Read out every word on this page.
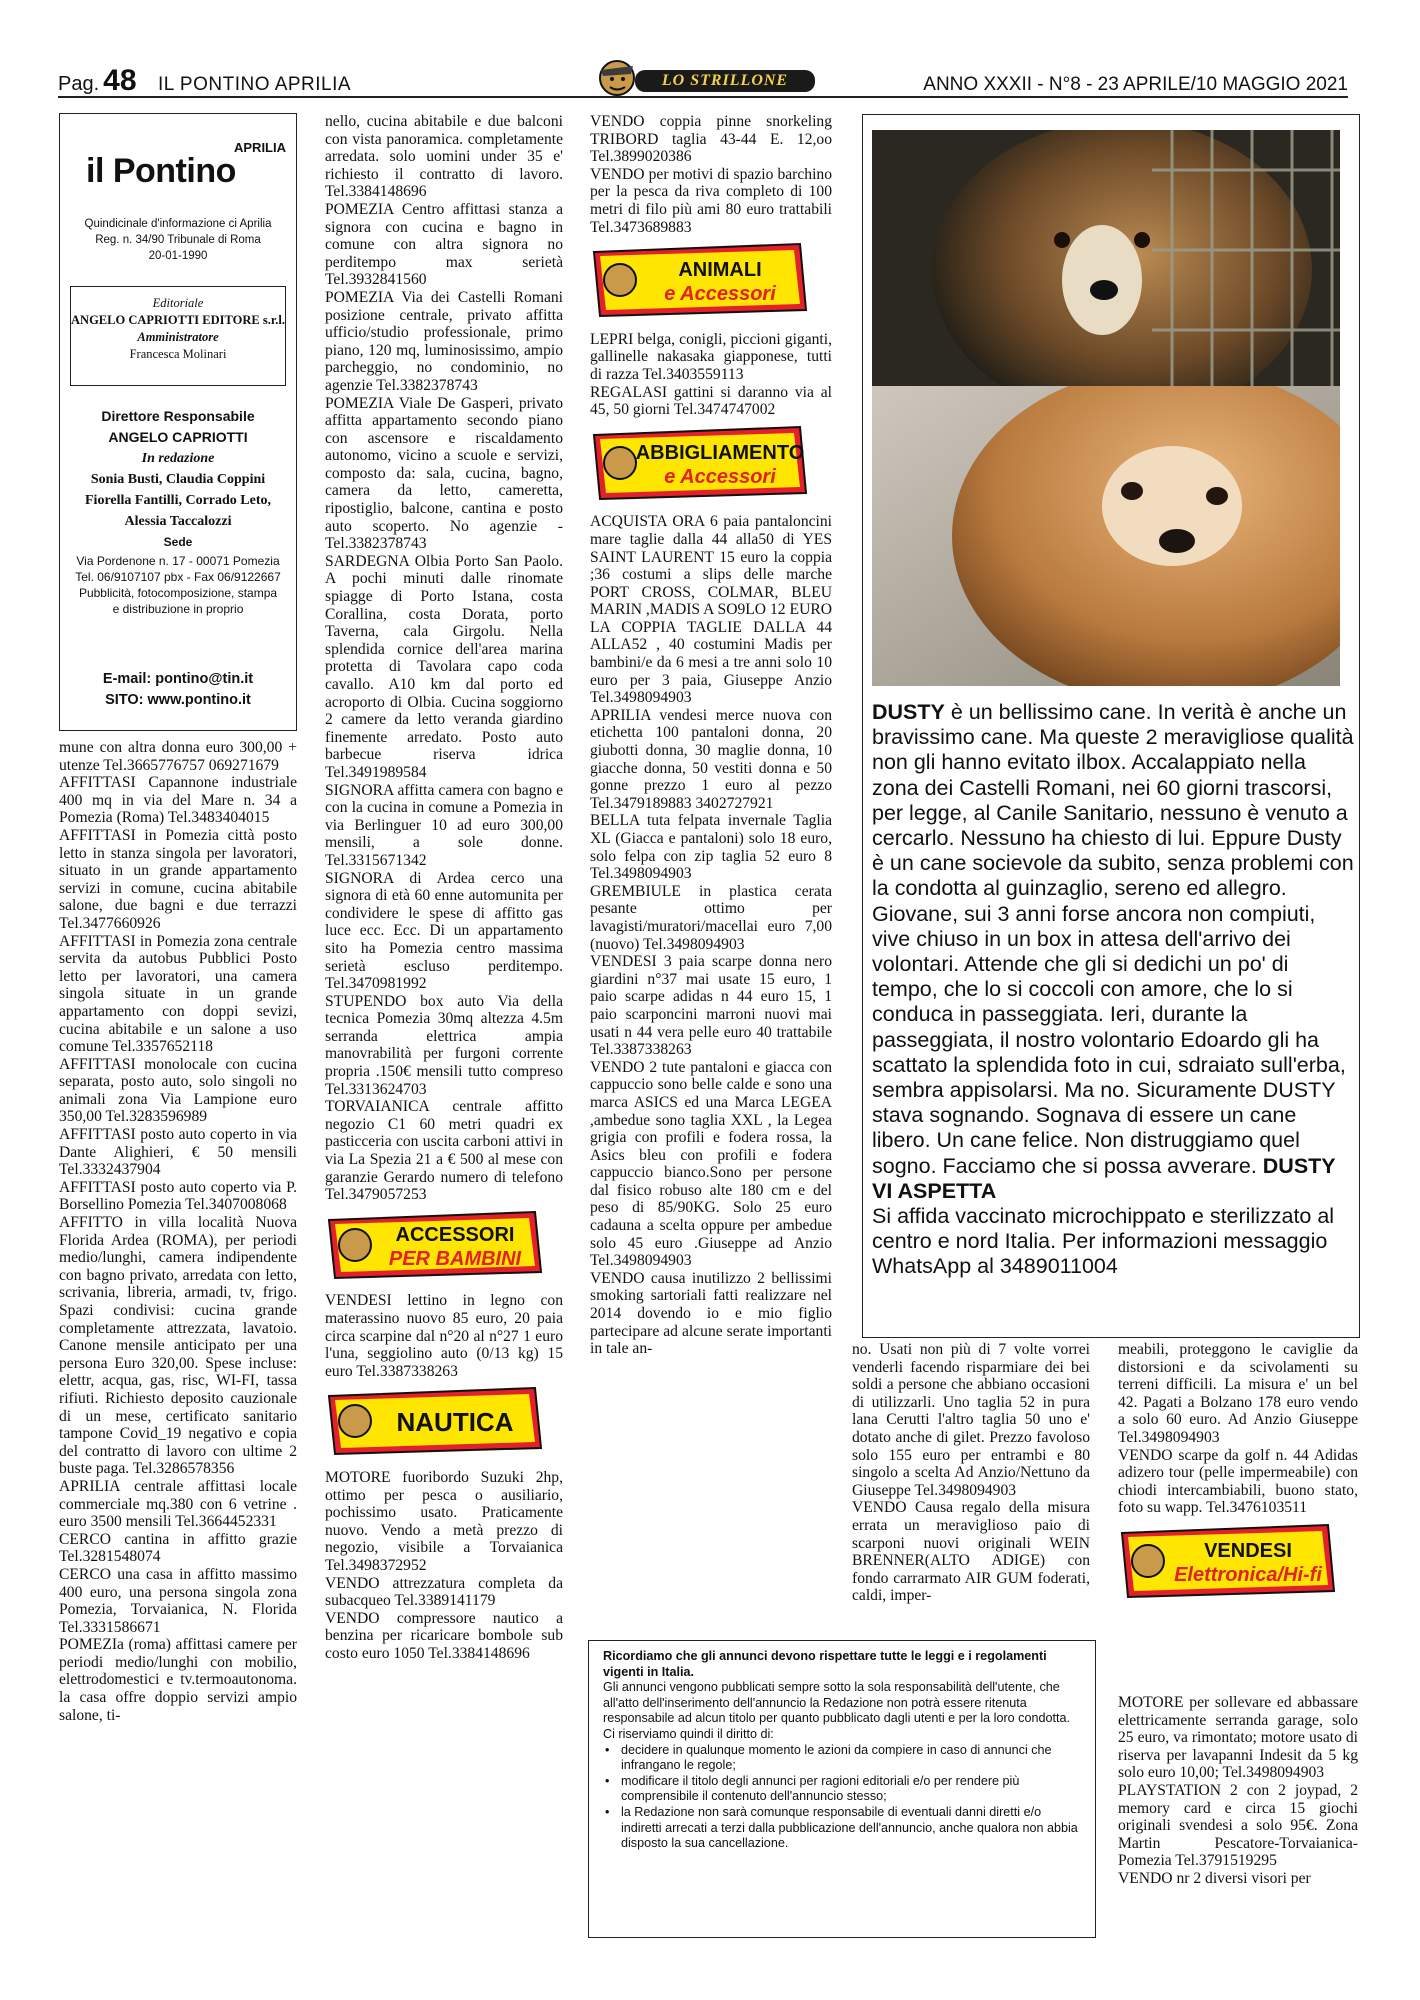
Pag. 48 IL PONTINO APRILIA	ANNO XXXII - N°8 - 23 APRILE/10 MAGGIO 2021
LO STRILLONE
APRILIA
il Pontino
Quindicinale d'informazione ci Aprilia
Reg. n. 34/90 Tribunale di Roma
20-01-1990
Editoriale
ANGELO CAPRIOTTI EDITORE s.r.l.
Amministratore
Francesca Molinari
Direttore Responsabile
ANGELO CAPRIOTTI
In redazione
Sonia Busti, Claudia Coppini
Fiorella Fantilli, Corrado Leto,
Alessia Taccalozzi
Sede
Via Pordenone n. 17 - 00071 Pomezia
Tel. 06/9107107 pbx - Fax 06/9122667
Pubblicità, fotocomposizione, stampa
e distribuzione in proprio
E-mail: pontino@tin.it
SITO: www.pontino.it

mune con altra donna euro 300,00 + utenze Tel.3665776757 069271679

AFFITTASI Capannone industriale 400 mq in via del Mare n. 34 a Pomezia (Roma) Tel.3483404015

AFFITTASI in Pomezia città posto letto in stanza singola per lavoratori, situato in un grande appartamento servizi in comune, cucina abitabile salone, due bagni e due terrazzi Tel.3477660926

AFFITTASI in Pomezia zona centrale servita da autobus Pubblici Posto letto per lavoratori, una camera singola situate in un grande appartamento con doppi sevizi, cucina abitabile e un salone a uso comune Tel.3357652118

AFFITTASI monolocale con cucina separata, posto auto, solo singoli no animali zona Via Lampione euro 350,00 Tel.3283596989

AFFITTASI posto auto coperto in via Dante Alighieri, € 50 mensili Tel.3332437904

AFFITTASI posto auto coperto via P. Borsellino Pomezia Tel.3407008068

AFFITTO in villa località Nuova Florida Ardea (ROMA), per periodi medio/lunghi, camera indipendente con bagno privato, arredata con letto, scrivania, libreria, armadi, tv, frigo. Spazi condivisi: cucina grande completamente attrezzata, lavatoio. Canone mensile anticipato per una persona Euro 320,00. Spese incluse: elettr, acqua, gas, risc, WI-FI, tassa rifiuti. Richiesto deposito cauzionale di un mese, certificato sanitario tampone Covid_19 negativo e copia del contratto di lavoro con ultime 2 buste paga. Tel.3286578356

APRILIA centrale affittasi locale commerciale mq.380 con 6 vetrine . euro 3500 mensili Tel.3664452331

CERCO cantina in affitto grazie Tel.3281548074

CERCO una casa in affitto massimo 400 euro, una persona singola zona Pomezia, Torvaianica, N. Florida Tel.3331586671

POMEZIa (roma) affittasi camere per periodi medio/lunghi con mobilio, elettrodomestici e tv.termoautonoma. la casa offre doppio servizi ampio salone, ti-

nello, cucina abitabile e due balconi con vista panoramica. completamente arredata. solo uomini under 35 e' richiesto il contratto di lavoro. Tel.3384148696

POMEZIA Centro affittasi stanza a signora con cucina e bagno in comune con altra signora no perditempo max serietà Tel.3932841560

POMEZIA Via dei Castelli Romani posizione centrale, privato affitta ufficio/studio professionale, primo piano, 120 mq, luminosissimo, ampio parcheggio, no condominio, no agenzie Tel.3382378743

POMEZIA Viale De Gasperi, privato affitta appartamento secondo piano con ascensore e riscaldamento autonomo, vicino a scuole e servizi, composto da: sala, cucina, bagno, camera da letto, cameretta, ripostiglio, balcone, cantina e posto auto scoperto. No agenzie - Tel.3382378743

SARDEGNA Olbia Porto San Paolo. A pochi minuti dalle rinomate spiagge di Porto Istana, costa Corallina, costa Dorata, porto Taverna, cala Girgolu. Nella splendida cornice dell'area marina protetta di Tavolara capo coda cavallo. A10 km dal porto ed acroporto di Olbia. Cucina soggiorno 2 camere da letto veranda giardino finemente arredato. Posto auto barbecue riserva idrica Tel.3491989584

SIGNORA affitta camera con bagno e con la cucina in comune a Pomezia in via Berlinguer 10 ad euro 300,00 mensili, a sole donne. Tel.3315671342

SIGNORA di Ardea cerco una signora di età 60 enne automunita per condividere le spese di affitto gas luce ecc. Ecc. Di un appartamento sito ha Pomezia centro massima serietà escluso perditempo. Tel.3470981992

STUPENDO box auto Via della tecnica Pomezia 30mq altezza 4.5m serranda elettrica ampia manovrabilità per furgoni corrente propria .150€ mensili tutto compreso Tel.3313624703

TORVAIANICA centrale affitto negozio C1 60 metri quadri ex pasticceria con uscita carboni attivi in via La Spezia 21 a € 500 al mese con garanzie Gerardo numero di telefono Tel.3479057253

ACCESSORI
PER BAMBINI

VENDESI lettino in legno con materassino nuovo 85 euro, 20 paia circa scarpine dal n°20 al n°27 1 euro l'una, seggiolino auto (0/13 kg) 15 euro Tel.3387338263

NAUTICA

MOTORE fuoribordo Suzuki 2hp, ottimo per pesca o ausiliario, pochissimo usato. Praticamente nuovo. Vendo a metà prezzo di negozio, visibile a Torvaianica Tel.3498372952

VENDO attrezzatura completa da subacqueo Tel.3389141179

VENDO compressore nautico a benzina per ricaricare bombole sub costo euro 1050 Tel.3384148696

VENDO coppia pinne snorkeling TRIBORD taglia 43-44 E. 12,oo Tel.3899020386

VENDO per motivi di spazio barchino per la pesca da riva completo di 100 metri di filo più ami 80 euro trattabili Tel.3473689883

ANIMALI
e Accessori

LEPRI belga, conigli, piccioni giganti, gallinelle nakasaka giapponese, tutti di razza Tel.3403559113

REGALASI gattini si daranno via al 45, 50 giorni Tel.3474747002

ABBIGLIAMENTO
e Accessori

ACQUISTA ORA 6 paia pantaloncini mare taglie dalla 44 alla50 di YES SAINT LAURENT 15 euro la coppia ;36 costumi a slips delle marche PORT CROSS, COLMAR, BLEU MARIN ,MADIS A SO9LO 12 EURO LA COPPIA TAGLIE DALLA 44 ALLA52 , 40 costumini Madis per bambini/e da 6 mesi a tre anni solo 10 euro per 3 paia, Giuseppe Anzio Tel.3498094903

APRILIA vendesi merce nuova con etichetta 100 pantaloni donna, 20 giubotti donna, 30 maglie donna, 10 giacche donna, 50 vestiti donna e 50 gonne prezzo 1 euro al pezzo Tel.3479189883 3402727921

BELLA tuta felpata invernale Taglia XL (Giacca e pantaloni) solo 18 euro, solo felpa con zip taglia 52 euro 8 Tel.3498094903

GREMBIULE in plastica cerata pesante ottimo per lavagisti/muratori/macellai euro 7,00 (nuovo) Tel.3498094903

VENDESI 3 paia scarpe donna nero giardini n°37 mai usate 15 euro, 1 paio scarpe adidas n 44 euro 15, 1 paio scarponcini marroni nuovi mai usati n 44 vera pelle euro 40 trattabile Tel.3387338263

VENDO 2 tute pantaloni e giacca con cappuccio sono belle calde e sono una marca ASICS ed una Marca LEGEA ,ambedue sono taglia XXL , la Legea grigia con profili e fodera rossa, la Asics bleu con profili e fodera cappuccio bianco.Sono per persone dal fisico robuso alte 180 cm e del peso di 85/90KG. Solo 25 euro cadauna a scelta oppure per ambedue solo 45 euro .Giuseppe ad Anzio Tel.3498094903

VENDO causa inutilizzo 2 bellissimi smoking sartoriali fatti realizzare nel 2014 dovendo io e mio figlio partecipare ad alcune serate importanti in tale an-

DUSTY è un bellissimo cane. In verità è anche un bravissimo cane. Ma queste 2 meravigliose qualità non gli hanno evitato ilbox. Accalappiato nella zona dei Castelli Romani, nei 60 giorni trascorsi, per legge, al Canile Sanitario, nessuno è venuto a cercarlo. Nessuno ha chiesto di lui. Eppure Dusty è un cane socievole da subito, senza problemi con la condotta al guinzaglio, sereno ed allegro. Giovane, sui 3 anni forse ancora non compiuti, vive chiuso in un box in attesa dell'arrivo dei volontari. Attende che gli si dedichi un po' di tempo, che lo si coccoli con amore, che lo si conduca in passeggiata. Ieri, durante la passeggiata, il nostro volontario Edoardo gli ha scattato la splendida foto in cui, sdraiato sull'erba, sembra appisolarsi. Ma no. Sicuramente DUSTY stava sognando. Sognava di essere un cane libero. Un cane felice. Non distruggiamo quel sogno. Facciamo che si possa avverare. DUSTY VI ASPETTA
Si affida vaccinato microchippato e sterilizzato al centro e nord Italia. Per informazioni messaggio WhatsApp al 3489011004

no. Usati non più di 7 volte vorrei venderli facendo risparmiare dei bei soldi a persone che abbiano occasioni di utilizzarli. Uno taglia 52 in pura lana Cerutti l'altro taglia 50 uno e' dotato anche di gilet. Prezzo favoloso solo 155 euro per entrambi e 80 singolo a scelta Ad Anzio/Nettuno da Giuseppe Tel.3498094903

VENDO Causa regalo della misura errata un meraviglioso paio di scarponi nuovi originali WEIN BRENNER(ALTO ADIGE) con fondo carrarmato AIR GUM foderati, caldi, imper-

meabili, proteggono le caviglie da distorsioni e da scivolamenti su terreni difficili. La misura e' un bel 42. Pagati a Bolzano 178 euro vendo a solo 60 euro. Ad Anzio Giuseppe Tel.3498094903

VENDO scarpe da golf n. 44 Adidas adizero tour (pelle impermeabile) con chiodi intercambiabili, buono stato, foto su wapp. Tel.3476103511

VENDESI
Elettronica/Hi-fi

MOTORE per sollevare ed abbassare elettricamente serranda garage, solo 25 euro, va rimontato; motore usato di riserva per lavapanni Indesit da 5 kg solo euro 10,00; Tel.3498094903

PLAYSTATION 2 con 2 joypad, 2 memory card e circa 15 giochi originali svendesi a solo 95€. Zona Martin Pescatore-Torvaianica-Pomezia Tel.3791519295

VENDO nr 2 diversi visori per

Ricordiamo che gli annunci devono rispettare tutte le leggi e i regolamenti vigenti in Italia.
Gli annunci vengono pubblicati sempre sotto la sola responsabilità dell'utente, che all'atto dell'inserimento dell'annuncio la Redazione non potrà essere ritenuta responsabile ad alcun titolo per quanto pubblicato dagli utenti e per la loro condotta.
Ci riserviamo quindi il diritto di:
• decidere in qualunque momento le azioni da compiere in caso di annunci che infrangano le regole;
• modificare il titolo degli annunci per ragioni editoriali e/o per rendere più comprensibile il contenuto dell'annuncio stesso;
• la Redazione non sarà comunque responsabile di eventuali danni diretti e/o indiretti arrecati a terzi dalla pubblicazione dell'annuncio, anche qualora non abbia disposto la sua cancellazione.
